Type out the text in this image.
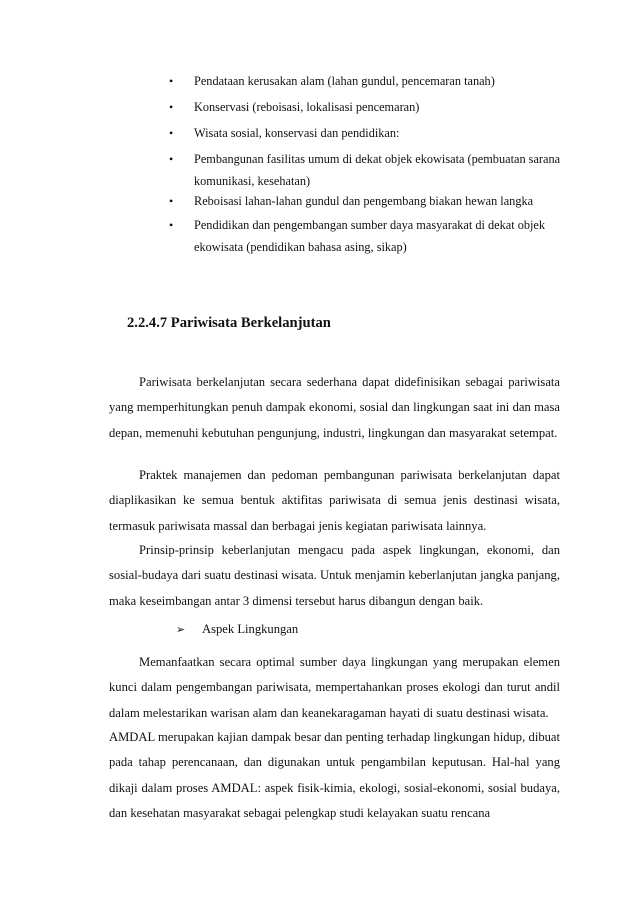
• Pendataan kerusakan alam (lahan gundul, pencemaran tanah)
• Konservasi (reboisasi, lokalisasi pencemaran)
• Wisata sosial, konservasi dan pendidikan:
• Pembangunan fasilitas umum di dekat objek ekowisata (pembuatan sarana komunikasi, kesehatan)
• Reboisasi lahan-lahan gundul dan pengembang biakan hewan langka
• Pendidikan dan pengembangan sumber daya masyarakat di dekat objek ekowisata (pendidikan bahasa asing, sikap)
2.2.4.7 Pariwisata Berkelanjutan

Pariwisata berkelanjutan secara sederhana dapat didefinisikan sebagai pariwisata yang memperhitungkan penuh dampak ekonomi, sosial dan lingkungan saat ini dan masa depan, memenuhi kebutuhan pengunjung, industri, lingkungan dan masyarakat setempat.

Praktek manajemen dan pedoman pembangunan pariwisata berkelanjutan dapat diaplikasikan ke semua bentuk aktifitas pariwisata di semua jenis destinasi wisata, termasuk pariwisata massal dan berbagai jenis kegiatan pariwisata lainnya.

Prinsip-prinsip keberlanjutan mengacu pada aspek lingkungan, ekonomi, dan sosial-budaya dari suatu destinasi wisata. Untuk menjamin keberlanjutan jangka panjang, maka keseimbangan antar 3 dimensi tersebut harus dibangun dengan baik.

➢ Aspek Lingkungan

Memanfaatkan secara optimal sumber daya lingkungan yang merupakan elemen kunci dalam pengembangan pariwisata, mempertahankan proses ekologi dan turut andil dalam melestarikan warisan alam dan keanekaragaman hayati di suatu destinasi wisata.

AMDAL merupakan kajian dampak besar dan penting terhadap lingkungan hidup, dibuat pada tahap perencanaan, dan digunakan untuk pengambilan keputusan. Hal-hal yang dikaji dalam proses AMDAL: aspek fisik-kimia, ekologi, sosial-ekonomi, sosial budaya, dan kesehatan masyarakat sebagai pelengkap studi kelayakan suatu rencana
